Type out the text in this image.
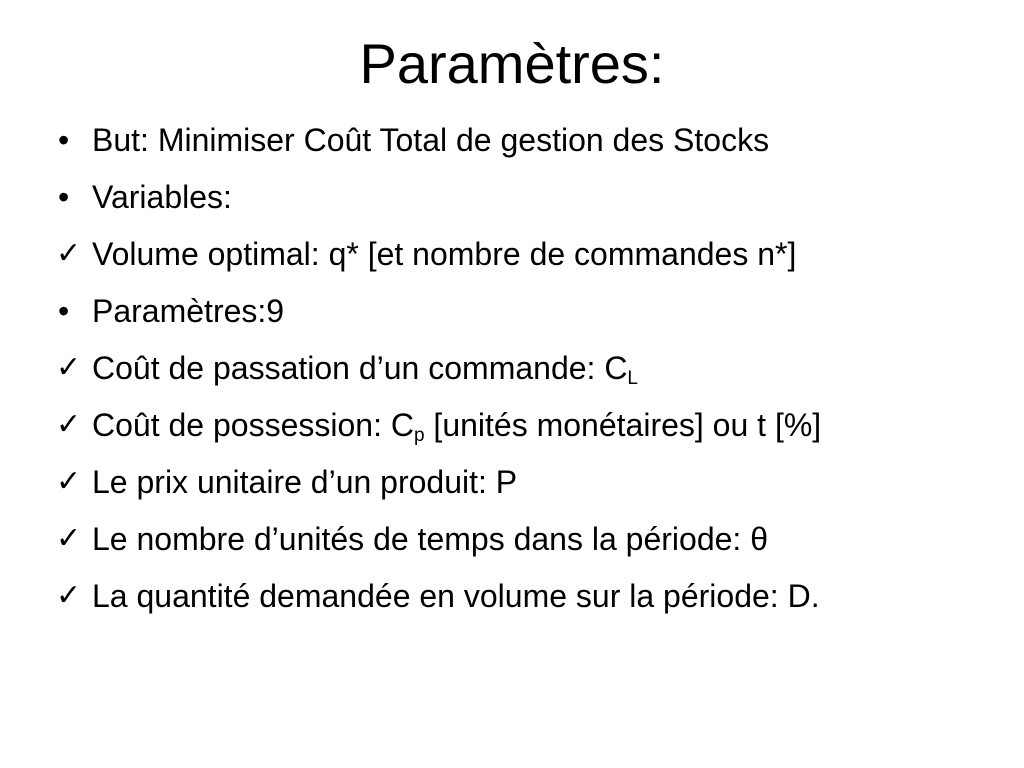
Paramètres:
• But: Minimiser Coût Total de gestion des Stocks
• Variables:
✓ Volume optimal: q* [et nombre de commandes n*]
• Paramètres:9
✓ Coût de passation d’un commande: $C_L$
✓ Coût de possession: $C_p$ [unités monétaires] ou t [%]
✓ Le prix unitaire d’un produit: P
✓ Le nombre d’unités de temps dans la période: θ
✓ La quantité demandée en volume sur la période: D.
